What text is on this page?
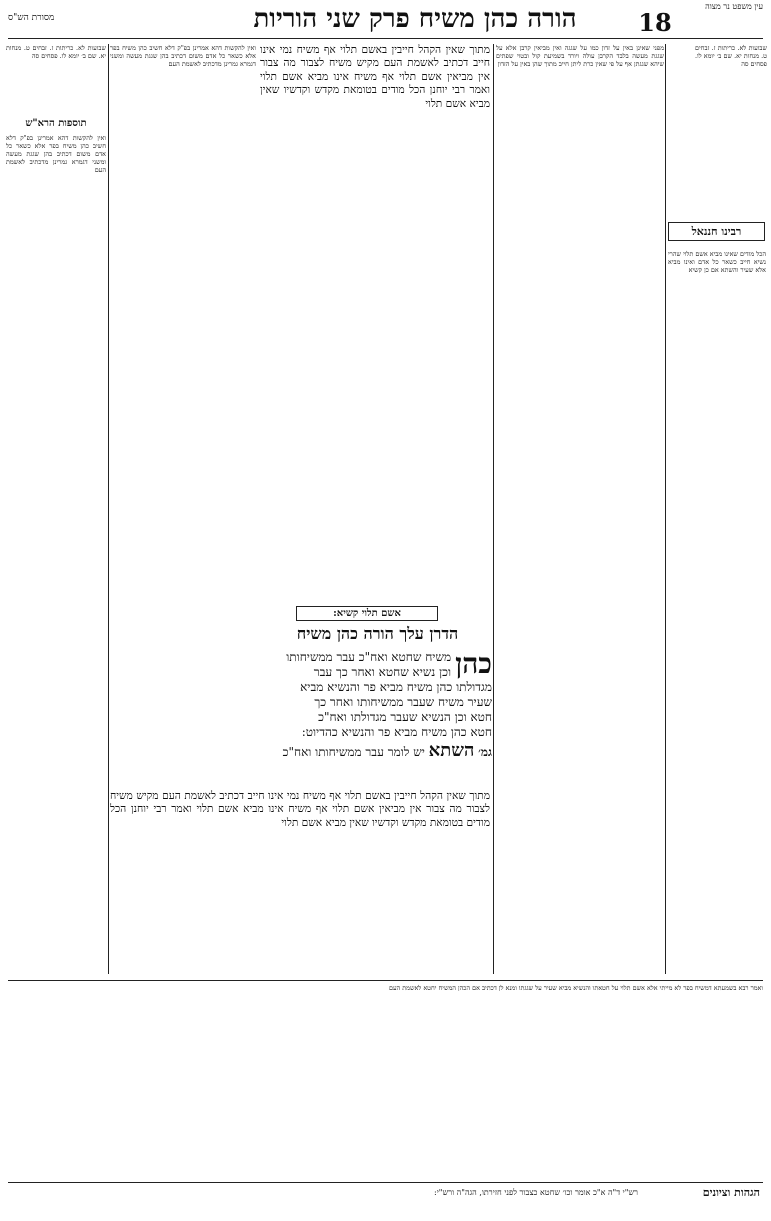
עין משפט נר מצוה
18
הורה כהן משיח פרק שני הוריות
מסורת הש"ס
שבועות לא. כריתות ז. זבחים ט. מנחות יא. שם ב׳ יומא לו. פסחים סה
רבינו חננאל
הכל מודים שאינו מביא אשם תלוי שהרי נשיא חייב כשאר כל אדם ואינו מביא אלא שעיר והשתא אם כן קשיא
מפני שאינן באין על זדון כמו על שגגה ואין מביאין קרבן אלא על שגגת מעשה בלבד הקרבן עולה ויורד בשמיעת קול ובטוי שפתים שיהא שגגתן אף על פי שאין כרת ליתן חייב מתוך שהן באין על הזדון
מתוך שאין הקהל חייבין באשם תלוי אף משיח נמי אינו חייב דכתיב לאשמת העם מקיש משיח לצבור מה צבור אין מביאין אשם תלוי אף משיח אינו מביא אשם תלוי ואמר רבי יוחנן הכל מודים בטומאת מקדש וקדשיו שאין מביא אשם תלוי
אשם תלוי קשיא:
הדרן עלך הורה כהן משיח
כהן
משיח שחטא ואח"כ עבר ממשיחותו
וכן נשיא שחטא ואחר כך עבר
מגדולתו כהן משיח מביא פר והנשיא מביא
שעיר משיח שעבר ממשיחותו ואחר כך
חטא וכן הנשיא שעבר מגדולתו ואח"כ
חטא כהן משיח מביא פר והנשיא כהדיוט:
גמ׳ השתא יש לומר עבר ממשיחותו ואח"כ
מתוך שאין הקהל חייבין באשם תלוי אף משיח נמי אינו חייב דכתיב לאשמת העם מקיש משיח לצבור מה צבור אין מביאין אשם תלוי אף משיח אינו מביא אשם תלוי ואמר רבי יוחנן הכל מודים בטומאת מקדש וקדשיו שאין מביא אשם תלוי
ואין להקשות דהא אמרינן בפ"ק דלא חשיב כהן משיח בפר אלא כשאר כל אדם משום דכתיב בהן שגגת מעשה ומשני דגמרא גמרינן מדכתיב לאשמת העם
שבועות לא. כריתות ז. זבחים ט. מנחות יא. שם ב׳ יומא לו. פסחים סה
תוספות הרא"ש
ואין להקשות דהא אמרינן בפ"ק דלא חשיב כהן משיח בפר אלא כשאר כל אדם משום דכתיב בהן שגגת מעשה ומשני דגמרא גמרינן מדכתיב לאשמת העם
ואמר רבא בשמעתא דמשיח בפר לא מייתי אלא אשם תלוי על חטאתו והנשיא מביא שעיר על שגגתו ומנא לן דכתיב אם הכהן המשיח יחטא לאשמת העם
הגהות וציונים
רש"י ד"ה א"כ אומר וכו׳ שחטא כצבור לפני חזירתו, הגה"ה ורש"י:
